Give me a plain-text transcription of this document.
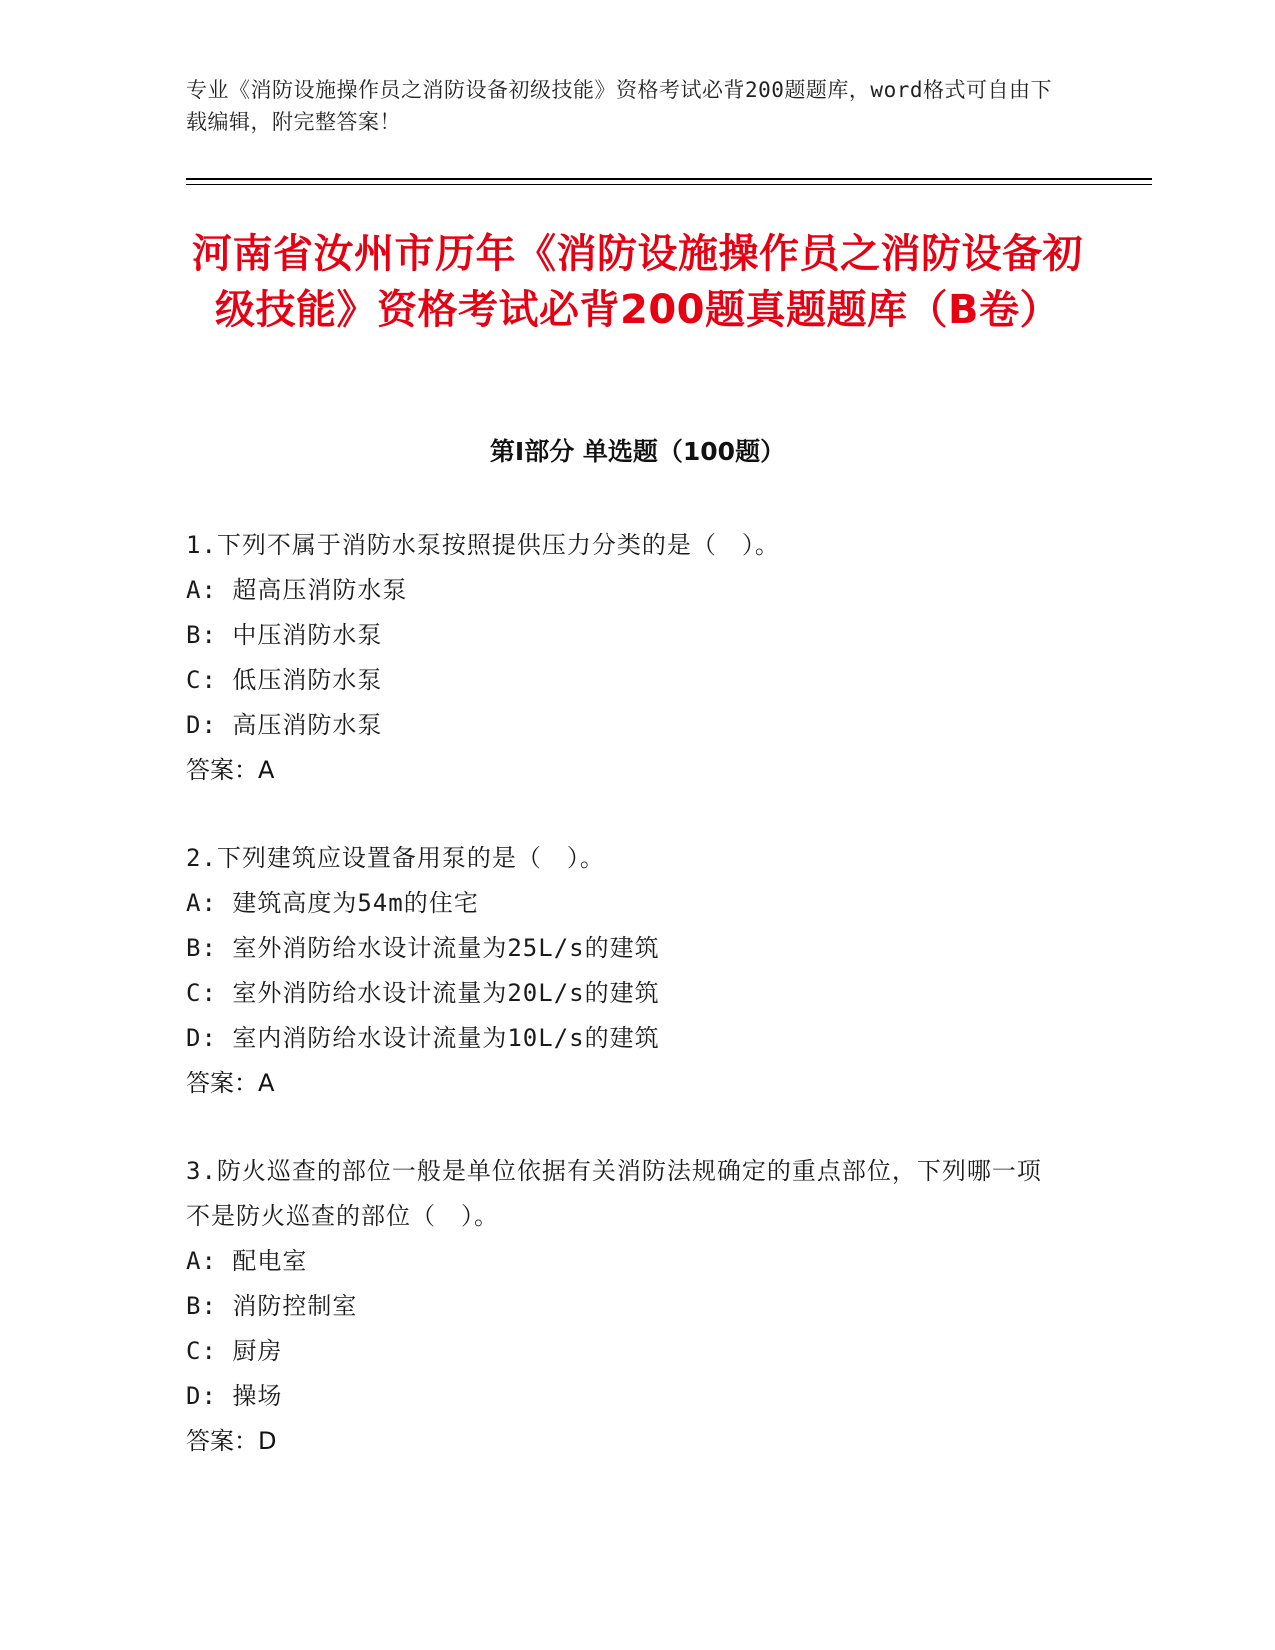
专业《消防设施操作员之消防设备初级技能》资格考试必背200题题库，word格式可自由下载编辑，附完整答案！
河南省汝州市历年《消防设施操作员之消防设备初级技能》资格考试必背200题真题题库（B卷）
第Ⅰ部分 单选题（100题）
1.下列不属于消防水泵按照提供压力分类的是（　）。
A: 超高压消防水泵
B: 中压消防水泵
C: 低压消防水泵
D: 高压消防水泵
答案：A
2.下列建筑应设置备用泵的是（　）。
A: 建筑高度为54m的住宅
B: 室外消防给水设计流量为25L/s的建筑
C: 室外消防给水设计流量为20L/s的建筑
D: 室内消防给水设计流量为10L/s的建筑
答案：A
3.防火巡查的部位一般是单位依据有关消防法规确定的重点部位，下列哪一项不是防火巡查的部位（　）。
A: 配电室
B: 消防控制室
C: 厨房
D: 操场
答案：D
